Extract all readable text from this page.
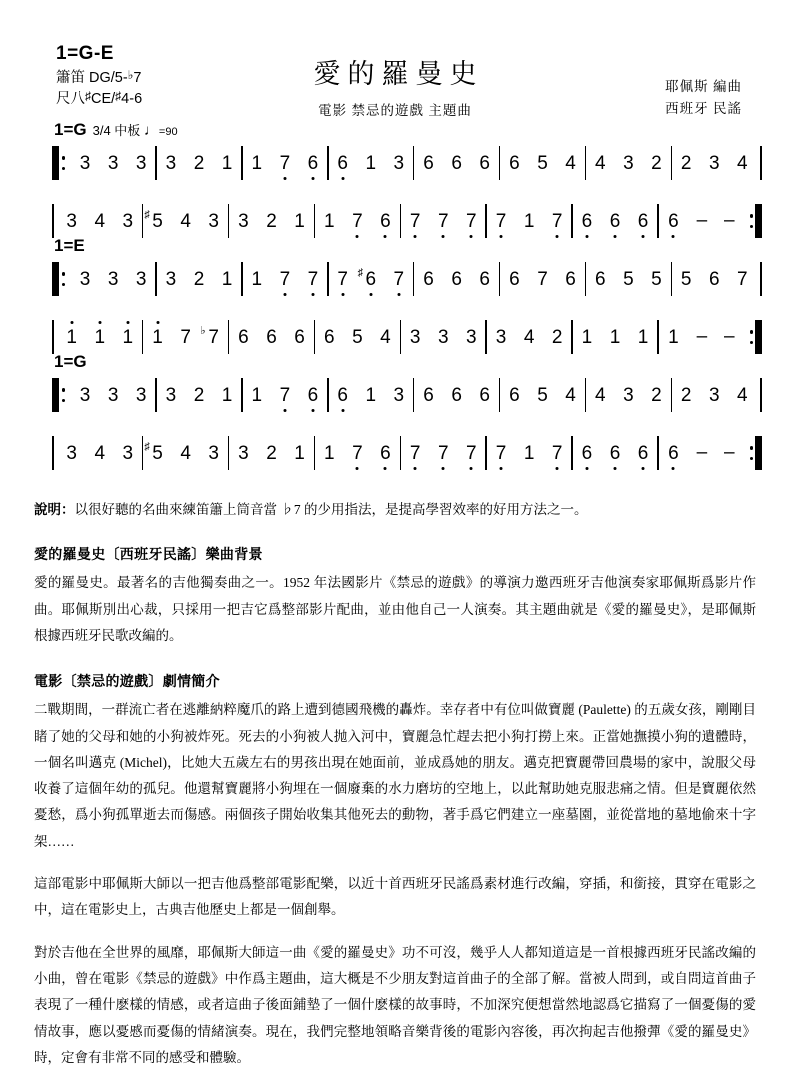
1=G-E
簫笛 DG/5-♭7
尺八♯CE/♯4-6
愛的羅曼史
電影 禁忌的遊戲 主題曲
耶佩斯 編曲
西班牙 民謠
1=G 3/4 中板 ♩=90
3 3 3 3 2 1 1 7 6 6 1 3 6 6 6 6 5 4 4 3 2 2 3 4
3 4 3 ♯ 5 4 3 3 2 1 1 7 6 7 7 7 7 1 7 6 6 6 6 – –
1=E
3 3 3 3 2 1 1 7 7 7 ♯ 6 7 6 6 6 6 7 6 6 5 5 5 6 7
1 1 1 1 7 ♭ 7 6 6 6 6 5 4 3 3 3 3 4 2 1 1 1 1 – –
1=G
3 3 3 3 2 1 1 7 6 6 1 3 6 6 6 6 5 4 4 3 2 2 3 4
3 4 3 ♯ 5 4 3 3 2 1 1 7 6 7 7 7 7 1 7 6 6 6 6 – –
說明：以很好聽的名曲來練笛簫上筒音當 ♭7 的少用指法，是提高學習效率的好用方法之一。
愛的羅曼史〔西班牙民謠〕樂曲背景
愛的羅曼史。最著名的吉他獨奏曲之一。1952 年法國影片《禁忌的遊戲》的導演力邀西班牙吉他演奏家耶佩斯爲影片作曲。耶佩斯別出心裁，只採用一把吉它爲整部影片配曲，並由他自己一人演奏。其主題曲就是《愛的羅曼史》，是耶佩斯根據西班牙民歌改編的。
電影〔禁忌的遊戲〕劇情簡介
二戰期間，一群流亡者在逃離納粹魔爪的路上遭到德國飛機的轟炸。幸存者中有位叫做寶麗 (Paulette) 的五歲女孩，剛剛目睹了她的父母和她的小狗被炸死。死去的小狗被人抛入河中，寶麗急忙趕去把小狗打撈上來。正當她撫摸小狗的遺體時，一個名叫邁克 (Michel)，比她大五歲左右的男孩出現在她面前，並成爲她的朋友。邁克把寶麗帶回農場的家中，說服父母收養了這個年幼的孤兒。他還幫寶麗將小狗埋在一個廢棄的水力磨坊的空地上，以此幫助她克服悲痛之情。但是寶麗依然憂愁，爲小狗孤單逝去而傷感。兩個孩子開始收集其他死去的動物，著手爲它們建立一座墓園，並從當地的墓地偷來十字架……
這部電影中耶佩斯大師以一把吉他爲整部電影配樂，以近十首西班牙民謠爲素材進行改編，穿插，和銜接，貫穿在電影之中，這在電影史上，古典吉他歷史上都是一個創舉。
對於吉他在全世界的風靡，耶佩斯大師這一曲《愛的羅曼史》功不可沒，幾乎人人都知道這是一首根據西班牙民謠改編的小曲，曾在電影《禁忌的遊戲》中作爲主題曲，這大概是不少朋友對這首曲子的全部了解。當被人問到，或自問這首曲子表現了一種什麽樣的情感，或者這曲子後面鋪墊了一個什麽樣的故事時，不加深究便想當然地認爲它描寫了一個憂傷的愛情故事，應以憂慼而憂傷的情緒演奏。現在，我們完整地領略音樂背後的電影內容後，再次拘起吉他撥彈《愛的羅曼史》時，定會有非常不同的感受和體驗。
